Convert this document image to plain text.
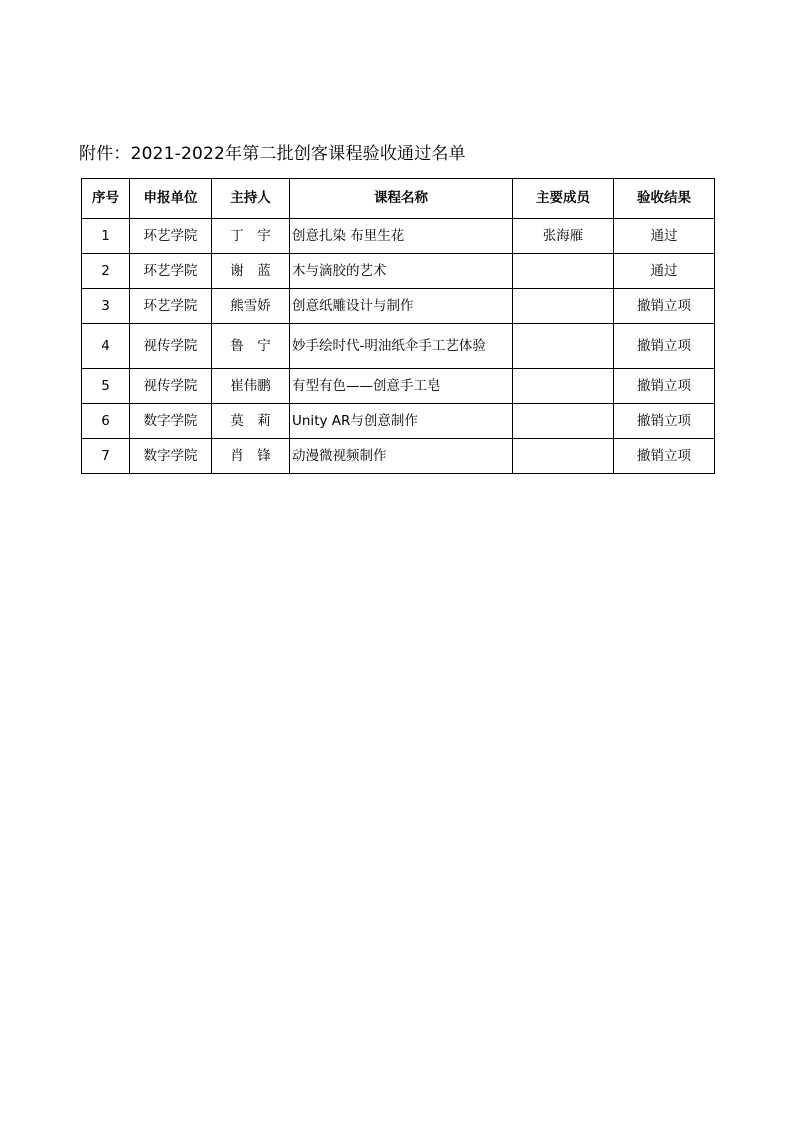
附件：2021-2022年第二批创客课程验收通过名单
序号	申报单位	主持人	课程名称	主要成员	验收结果
1	环艺学院	丁　宇	创意扎染 布里生花	张海雁	通过
2	环艺学院	谢　蓝	木与滴胶的艺术		通过
3	环艺学院	熊雪娇	创意纸雕设计与制作		撤销立项
4	视传学院	鲁　宁	妙手绘时代-明油纸伞手工艺体验		撤销立项
5	视传学院	崔伟鹏	有型有色——创意手工皂		撤销立项
6	数字学院	莫　莉	Unity AR与创意制作		撤销立项
7	数字学院	肖　锋	动漫微视频制作		撤销立项
